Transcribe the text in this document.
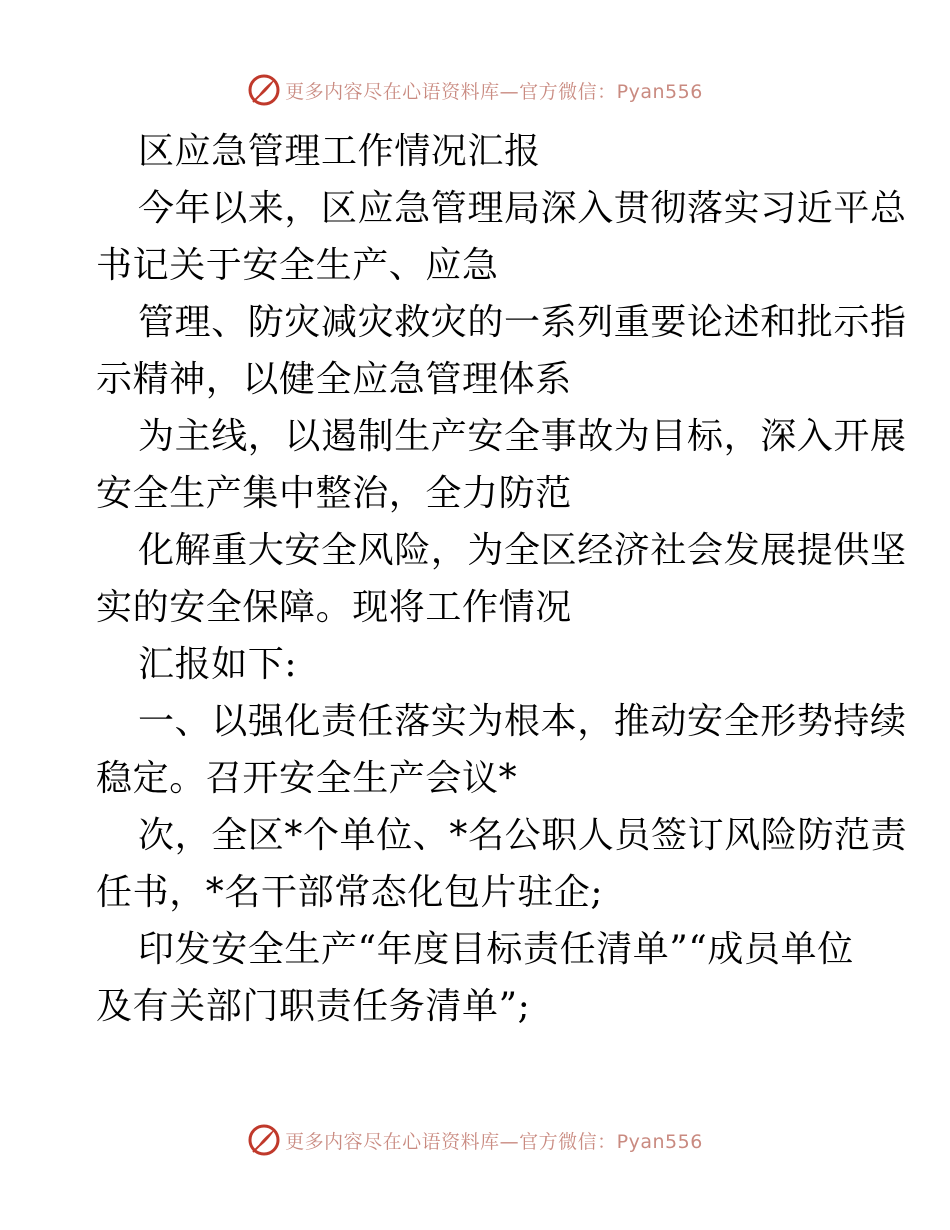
更多内容尽在心语资料库—官方微信：Pyan556
区应急管理工作情况汇报
今年以来，区应急管理局深入贯彻落实习近平总
书记关于安全生产、应急
管理、防灾减灾救灾的一系列重要论述和批示指
示精神，以健全应急管理体系
为主线，以遏制生产安全事故为目标，深入开展
安全生产集中整治，全力防范
化解重大安全风险，为全区经济社会发展提供坚
实的安全保障。现将工作情况
汇报如下:
一、以强化责任落实为根本，推动安全形势持续
稳定。召开安全生产会议*
次，全区*个单位、*名公职人员签订风险防范责
任书，*名干部常态化包片驻企;
印发安全生产“年度目标责任清单”“成员单位
及有关部门职责任务清单”;
更多内容尽在心语资料库—官方微信：Pyan556
